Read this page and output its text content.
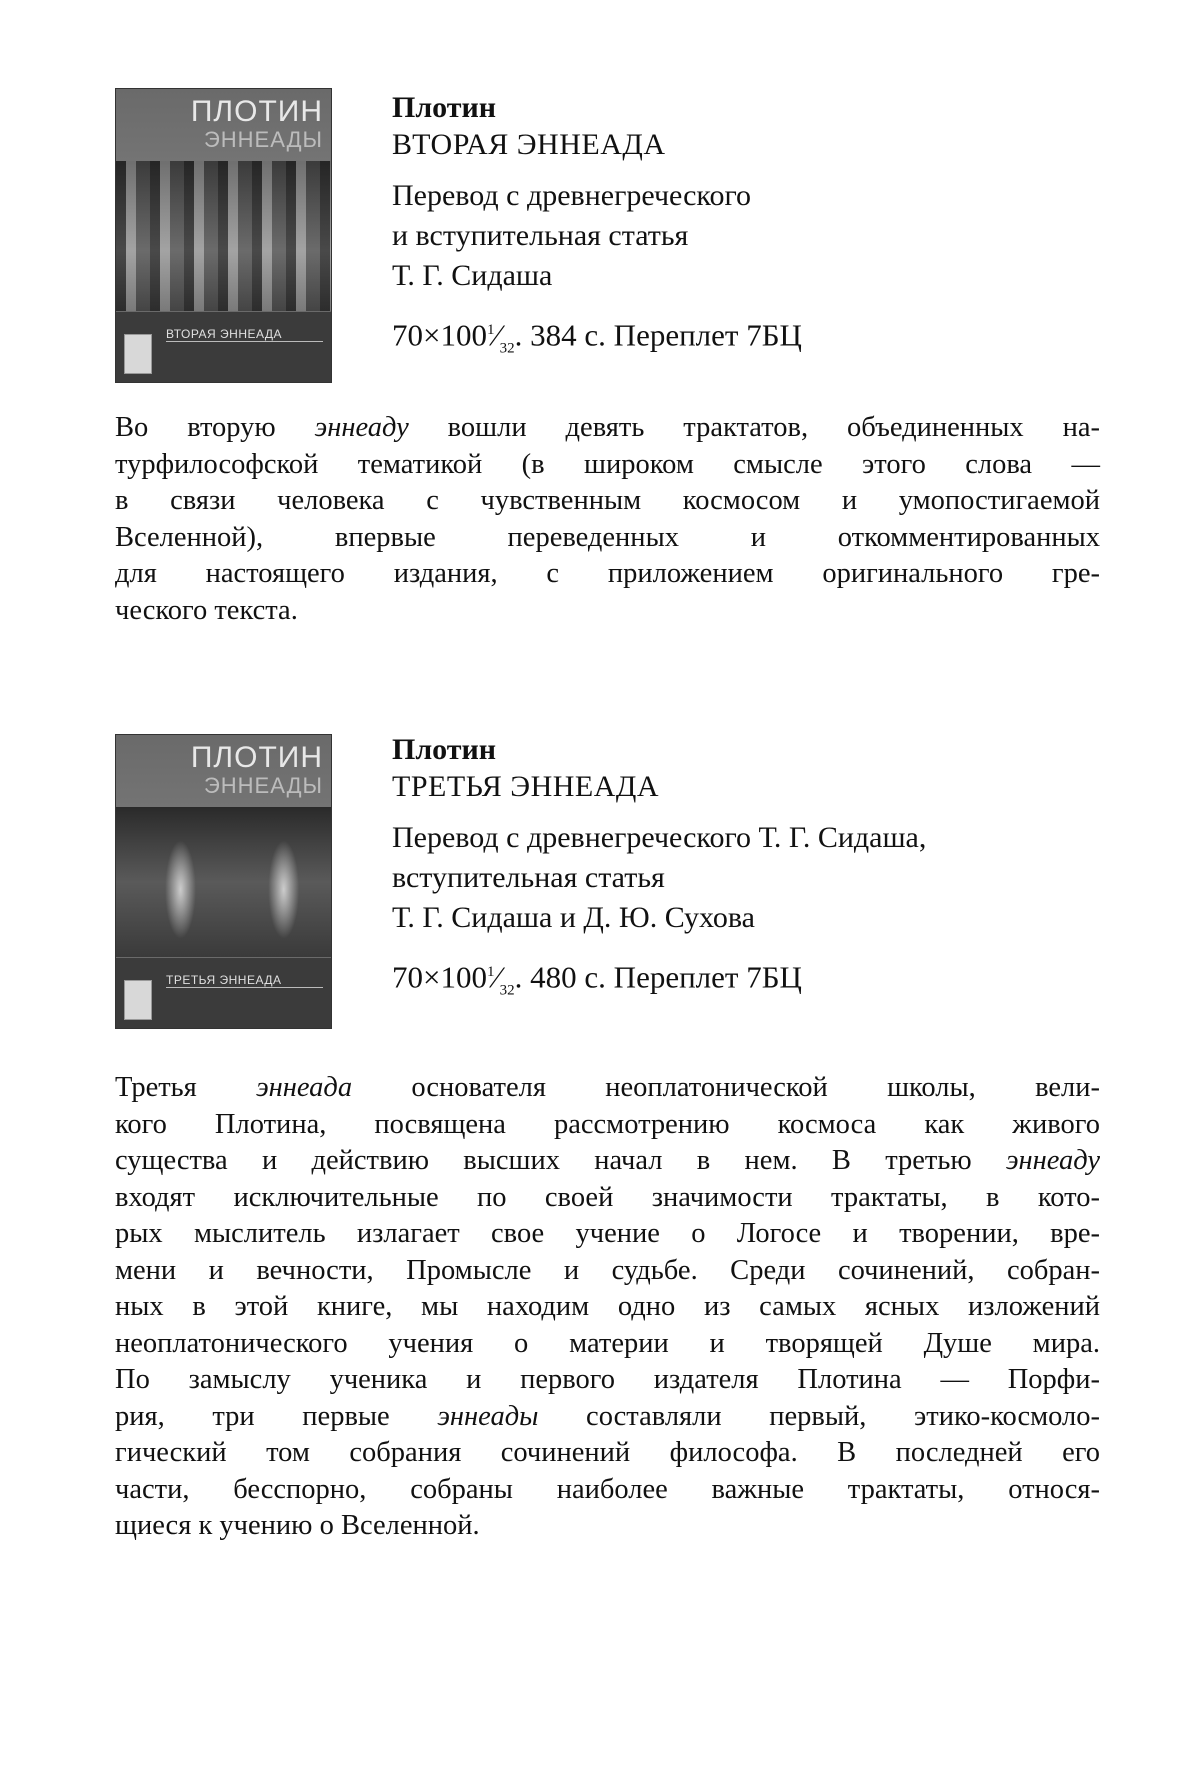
ПЛОТИН
ЭННЕАДЫ
ВТОРАЯ ЭННЕАДА

Плотин

ВТОРАЯ ЭННЕАДА

Перевод с древнегреческого
и вступительная статья
Т. Г. Сидаша
$70\times 100^1⁄_{32}$. 384 с. Переплет 7БЦ

Во вторую эннеаду вошли девять трактатов, объединенных на-
турфилософской тематикой (в широком смысле этого слова —
в связи человека с чувственным космосом и умопостигаемой
Вселенной), впервые переведенных и откомментированных
для настоящего издания, с приложением оригинального гре-
ческого текста.

ПЛОТИН
ЭННЕАДЫ
ТРЕТЬЯ ЭННЕАДА

Плотин

ТРЕТЬЯ ЭННЕАДА

Перевод с древнегреческого Т. Г. Сидаша,
вступительная статья
Т. Г. Сидаша и Д. Ю. Сухова
$70\times 100^1⁄_{32}$. 480 с. Переплет 7БЦ

Третья эннеада основателя неоплатонической школы, вели-
кого Плотина, посвящена рассмотрению космоса как живого
существа и действию высших начал в нем. В третью эннеаду
входят исключительные по своей значимости трактаты, в кото-
рых мыслитель излагает свое учение о Логосе и творении, вре-
мени и вечности, Промысле и судьбе. Среди сочинений, собран-
ных в этой книге, мы находим одно из самых ясных изложений
неоплатонического учения о материи и творящей Душе мира.
По замыслу ученика и первого издателя Плотина — Порфи-
рия, три первые эннеады составляли первый, этико-космоло-
гический том собрания сочинений философа. В последней его
части, бесспорно, собраны наиболее важные трактаты, относя-
щиеся к учению о Вселенной.
